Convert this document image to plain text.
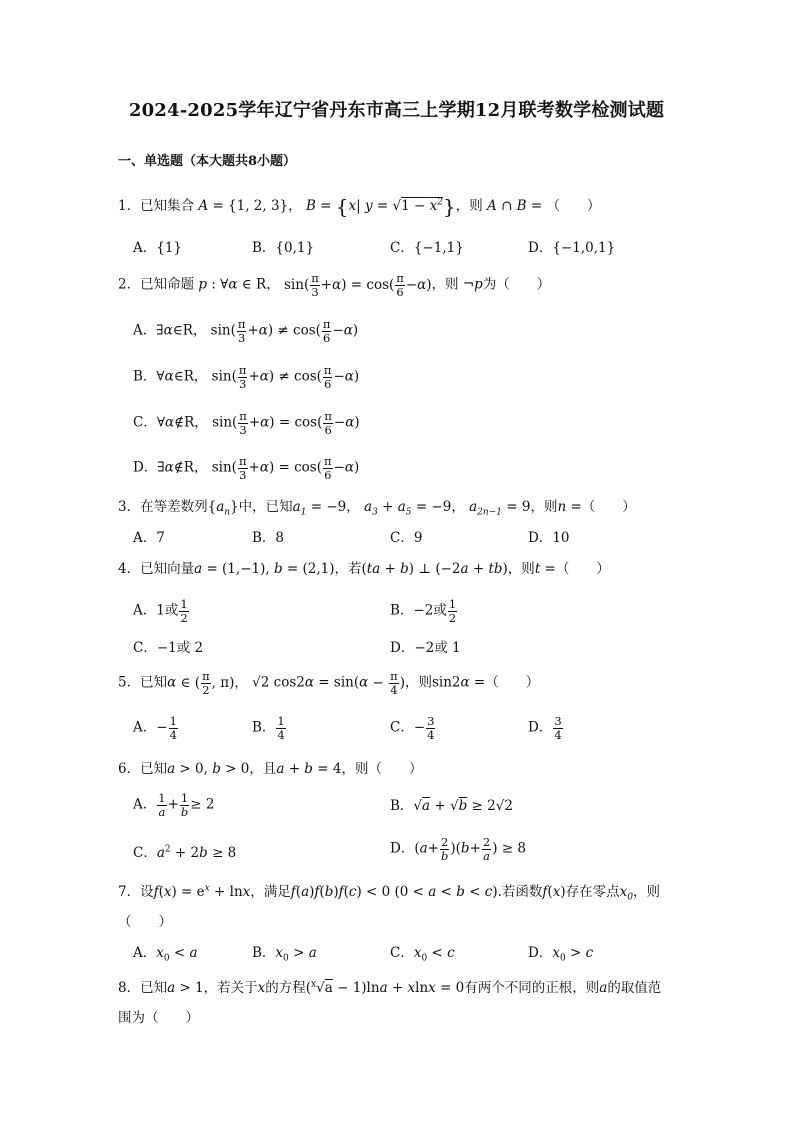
2024-2025学年辽宁省丹东市高三上学期12月联考数学检测试题
一、单选题（本大题共8小题）
1．已知集合 A = {1, 2, 3}， B = {x| $y = √1 - x^2$}，则 A ∩ B = （　　）
A．{1}	B．{0,1}	C．{−1,1}	D．{−1,0,1}
2．已知命题 p : ∀α ∈ R， $\sin( \frac{\pi}{3} +\alpha) = \cos( \frac{\pi}{6} -\alpha)$，则 ¬p为（　　）
A．∃α∈R， $\sin( \frac{\pi}{3} +\alpha) \ne \cos( \frac{\pi}{6} -\alpha)$
B．∀α∈R， $\sin( \frac{\pi}{3} +\alpha) \ne \cos( \frac{\pi}{6} -\alpha)$
C．∀α∉R， $\sin( \frac{\pi}{3} +\alpha) = \cos( \frac{\pi}{6} -\alpha)$
D．∃α∉R， $\sin( \frac{\pi}{3} +\alpha) = \cos( \frac{\pi}{6} -\alpha)$
3．在等差数列$\{a_n\}$中，已知$a_1 = -9$， $a_3 + a_5 = -9$， $a_{2n-1} = 9$，则n =（　　）
A．7	B．8	C．9	D．10
4．已知向量a = (1,−1), b = (2,1)，若(ta + b) ⊥ (−2a + tb)，则t =（　　）
A．1或 $\frac{1}{2}$	B．−2或 $\frac{1}{2}$
C．−1或 2	D．−2或 1
5．已知α ∈ ( $\frac{\pi}{2}$ , π)， √2 $\cos 2\alpha = \sin(\alpha - \frac{\pi}{4}$ )，则sin2α =（　　）
A．− $\frac{1}{4}$	B． $\frac{1}{4}$	C．− $\frac{3}{4}$	D． $\frac{3}{4}$
6．已知a > 0, b > 0，且a + b = 4，则（　　）
A． $\frac{1}{a} + \frac{1}{b} \ge 2$	B．√a + √b ≥ 2√2
C．$a^2 + 2b \ge 8$	D．$(a+ \frac{2}{b} )(b+ \frac{2}{a}$ ) ≥ 8
7．设$f(x) = e^x + \ln x$，满足f(a)f(b)f(c) < 0 (0 < a < b < c).若函数f(x)存在零点$x_0$，则
（　　）
A．$x_0 < a$	B．$x_0 > a$	C．$x_0 < c$	D．$x_0 > c$
8．已知a > 1，若关于x的方程($^x$√a − 1)lna + xlnx = 0有两个不同的正根，则a的取值范
围为（　　）
